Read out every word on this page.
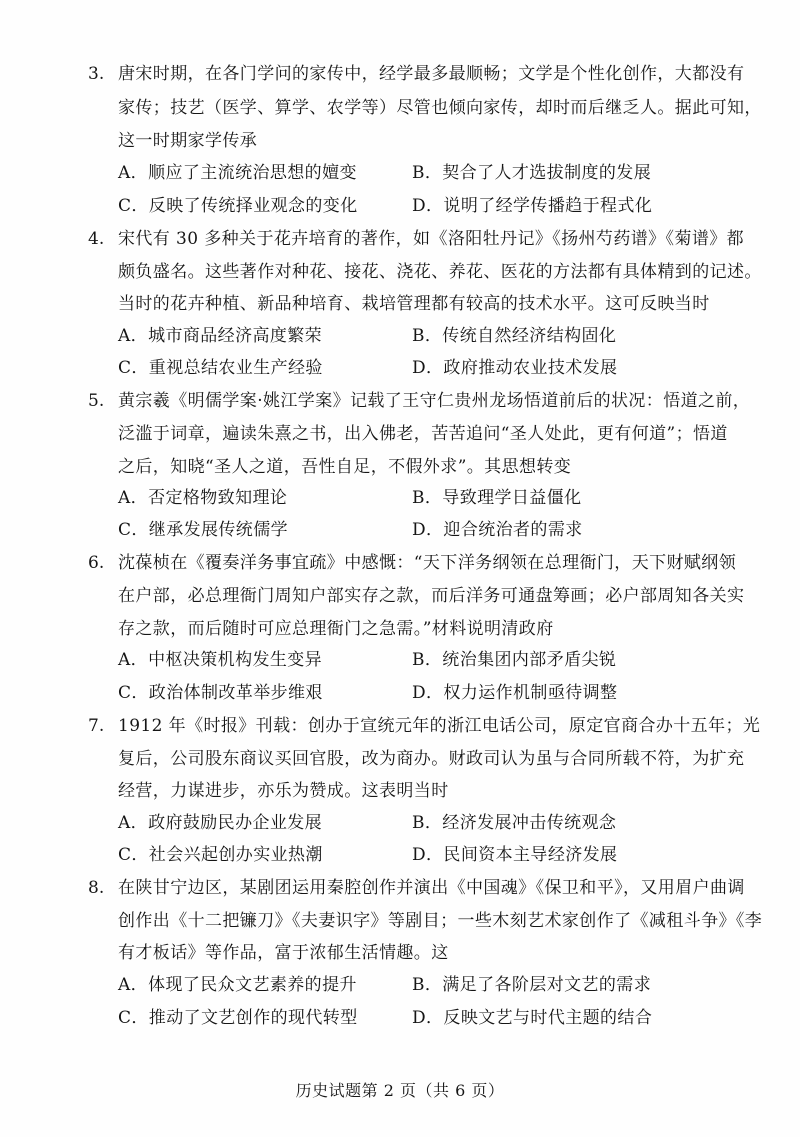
3. 唐宋时期，在各门学问的家传中，经学最多最顺畅；文学是个性化创作，大都没有
家传；技艺（医学、算学、农学等）尽管也倾向家传，却时而后继乏人。据此可知，
这一时期家学传承
A．顺应了主流统治思想的嬗变	B．契合了人才选拔制度的发展
C．反映了传统择业观念的变化	D．说明了经学传播趋于程式化
4. 宋代有 30 多种关于花卉培育的著作，如《洛阳牡丹记》《扬州芍药谱》《菊谱》都
颇负盛名。这些著作对种花、接花、浇花、养花、医花的方法都有具体精到的记述。
当时的花卉种植、新品种培育、栽培管理都有较高的技术水平。这可反映当时
A．城市商品经济高度繁荣	B．传统自然经济结构固化
C．重视总结农业生产经验	D．政府推动农业技术发展
5. 黄宗羲《明儒学案·姚江学案》记载了王守仁贵州龙场悟道前后的状况：悟道之前，
泛滥于词章，遍读朱熹之书，出入佛老，苦苦追问“圣人处此，更有何道”；悟道
之后，知晓“圣人之道，吾性自足，不假外求”。其思想转变
A．否定格物致知理论	B．导致理学日益僵化
C．继承发展传统儒学	D．迎合统治者的需求
6. 沈葆桢在《覆奏洋务事宜疏》中感慨：“天下洋务纲领在总理衙门，天下财赋纲领
在户部，必总理衙门周知户部实存之款，而后洋务可通盘筹画；必户部周知各关实
存之款，而后随时可应总理衙门之急需。”材料说明清政府
A．中枢决策机构发生变异	B．统治集团内部矛盾尖锐
C．政治体制改革举步维艰	D．权力运作机制亟待调整
7. 1912 年《时报》刊载：创办于宣统元年的浙江电话公司，原定官商合办十五年；光
复后，公司股东商议买回官股，改为商办。财政司认为虽与合同所载不符，为扩充
经营，力谋进步，亦乐为赞成。这表明当时
A．政府鼓励民办企业发展	B．经济发展冲击传统观念
C．社会兴起创办实业热潮	D．民间资本主导经济发展
8. 在陕甘宁边区，某剧团运用秦腔创作并演出《中国魂》《保卫和平》，又用眉户曲调
创作出《十二把镰刀》《夫妻识字》等剧目；一些木刻艺术家创作了《减租斗争》《李
有才板话》等作品，富于浓郁生活情趣。这
A．体现了民众文艺素养的提升	B．满足了各阶层对文艺的需求
C．推动了文艺创作的现代转型	D．反映文艺与时代主题的结合
历史试题第 2 页（共 6 页）
